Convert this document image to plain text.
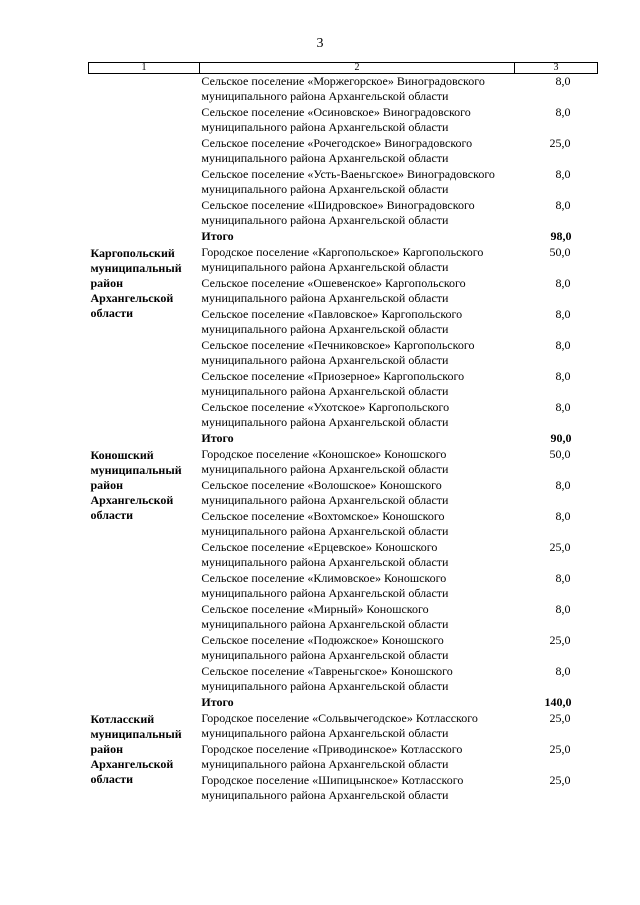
3
1	2	3
	Сельское поселение «Моржегорское» Виноградовского муниципального района Архангельской области	8,0
	Сельское поселение «Осиновское» Виноградовского муниципального района Архангельской области	8,0
	Сельское поселение «Рочегодское» Виноградовского муниципального района Архангельской области	25,0
	Сельское поселение «Усть-Ваеньгское» Виноградовского муниципального района Архангельской области	8,0
	Сельское поселение «Шидровское» Виноградовского муниципального района Архангельской области	8,0
	Итого	98,0
Каргопольский муниципальный район Архангельской области	Городское поселение «Каргопольское» Каргопольского муниципального района Архангельской области	50,0
	Сельское поселение «Ошевенское» Каргопольского муниципального района Архангельской области	8,0
	Сельское поселение «Павловское» Каргопольского муниципального района Архангельской области	8,0
	Сельское поселение «Печниковское» Каргопольского муниципального района Архангельской области	8,0
	Сельское поселение «Приозерное» Каргопольского муниципального района Архангельской области	8,0
	Сельское поселение «Ухотское» Каргопольского муниципального района Архангельской области	8,0
	Итого	90,0
Коношский муниципальный район Архангельской области	Городское поселение «Коношское» Коношского муниципального района Архангельской области	50,0
	Сельское поселение «Волошское» Коношского муниципального района Архангельской области	8,0
	Сельское поселение «Вохтомское» Коношского муниципального района Архангельской области	8,0
	Сельское поселение «Ерцевское» Коношского муниципального района Архангельской области	25,0
	Сельское поселение «Климовское» Коношского муниципального района Архангельской области	8,0
	Сельское поселение «Мирный» Коношского муниципального района Архангельской области	8,0
	Сельское поселение «Подюжское» Коношского муниципального района Архангельской области	25,0
	Сельское поселение «Тавреньгское» Коношского муниципального района Архангельской области	8,0
	Итого	140,0
Котласский муниципальный район Архангельской области	Городское поселение «Сольвычегодское» Котласского муниципального района Архангельской области	25,0
	Городское поселение «Приводинское» Котласского муниципального района Архангельской области	25,0
	Городское поселение «Шипицынское» Котласского муниципального района Архангельской области	25,0
